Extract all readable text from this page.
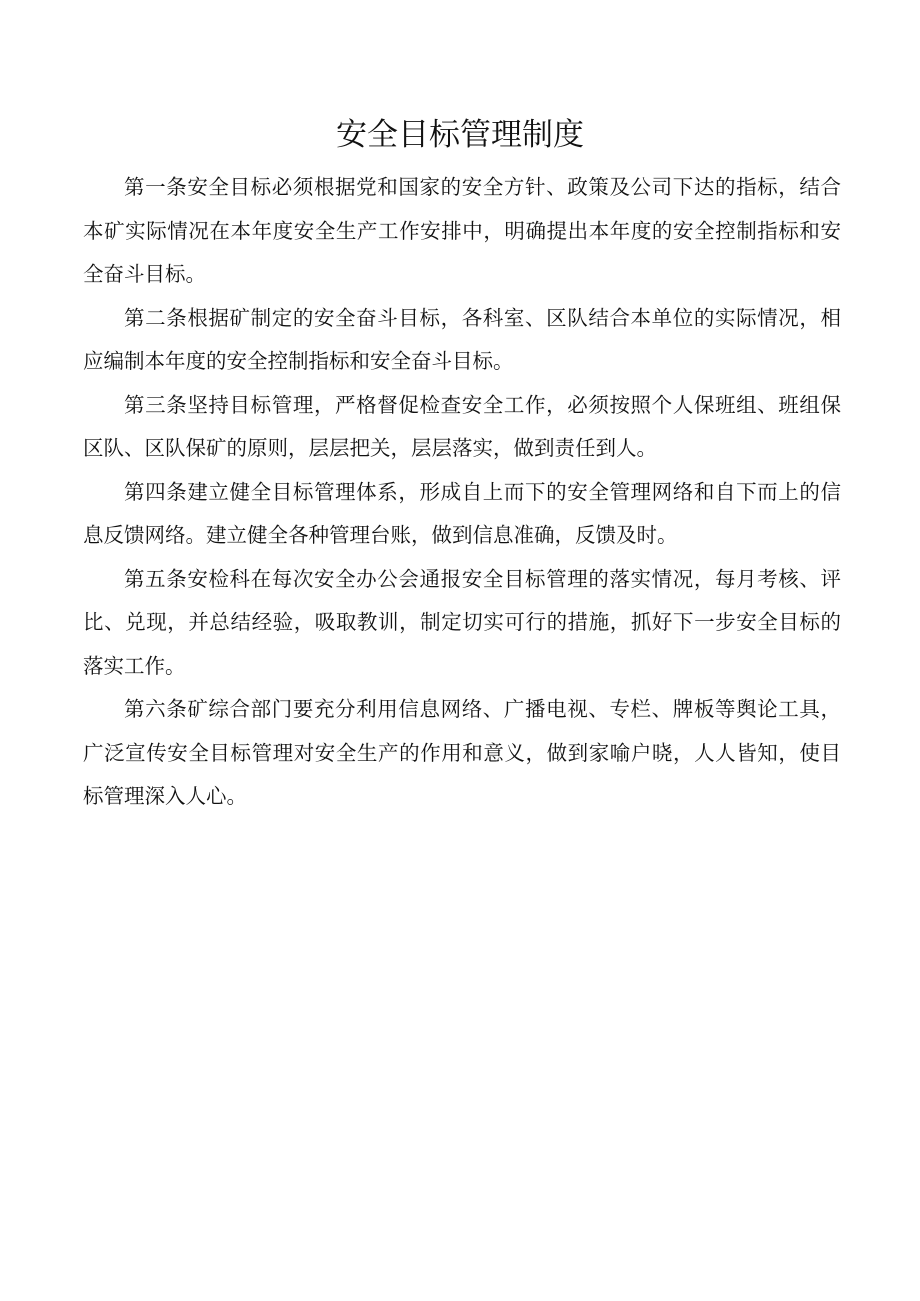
安全目标管理制度

第一条安全目标必须根据党和国家的安全方针、政策及公司下达的指标，结合本矿实际情况在本年度安全生产工作安排中，明确提出本年度的安全控制指标和安全奋斗目标。

第二条根据矿制定的安全奋斗目标，各科室、区队结合本单位的实际情况，相应编制本年度的安全控制指标和安全奋斗目标。

第三条坚持目标管理，严格督促检查安全工作，必须按照个人保班组、班组保区队、区队保矿的原则，层层把关，层层落实，做到责任到人。

第四条建立健全目标管理体系，形成自上而下的安全管理网络和自下而上的信息反馈网络。建立健全各种管理台账，做到信息准确，反馈及时。

第五条安检科在每次安全办公会通报安全目标管理的落实情况，每月考核、评比、兑现，并总结经验，吸取教训，制定切实可行的措施，抓好下一步安全目标的落实工作。

第六条矿综合部门要充分利用信息网络、广播电视、专栏、牌板等舆论工具，广泛宣传安全目标管理对安全生产的作用和意义，做到家喻户晓，人人皆知，使目标管理深入人心。
